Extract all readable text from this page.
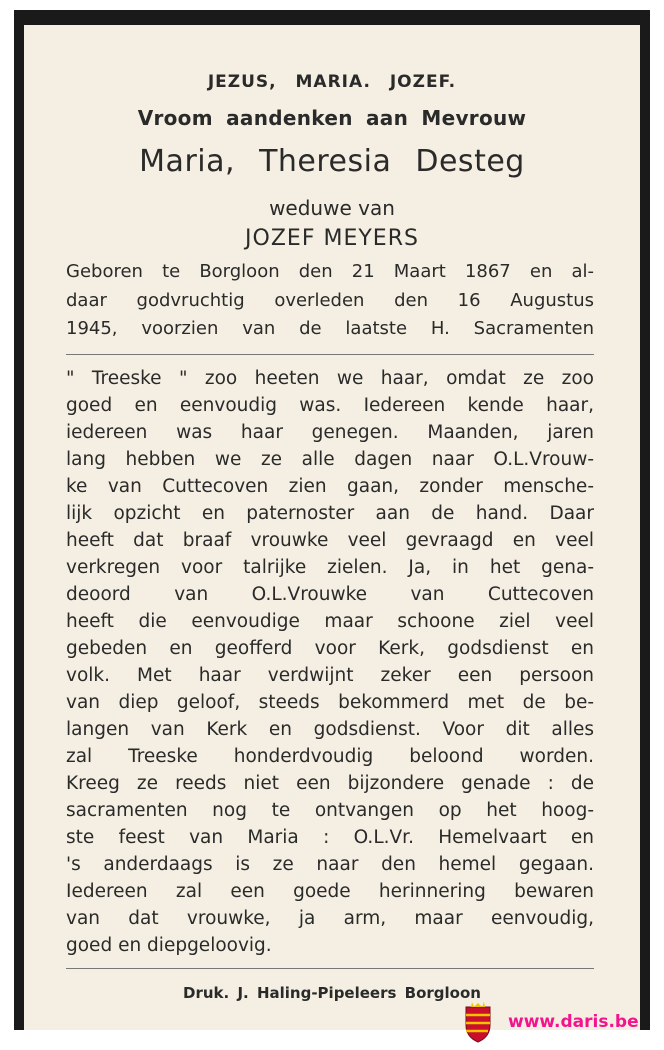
JEZUS, MARIA. JOZEF.
Vroom aandenken aan Mevrouw
Maria, Theresia Desteg
weduwe van
JOZEF MEYERS
Geboren te Borgloon den 21 Maart 1867 en al-
daar godvruchtig overleden den 16 Augustus
1945, voorzien van de laatste H. Sacramenten
" Treeske " zoo heeten we haar, omdat ze zoo
goed en eenvoudig was. Iedereen kende haar,
iedereen was haar genegen. Maanden, jaren
lang hebben we ze alle dagen naar O.L.Vrouw-
ke van Cuttecoven zien gaan, zonder mensche-
lijk opzicht en paternoster aan de hand. Daar
heeft dat braaf vrouwke veel gevraagd en veel
verkregen voor talrijke zielen. Ja, in het gena-
deoord van O.L.Vrouwke van Cuttecoven
heeft die eenvoudige maar schoone ziel veel
gebeden en geofferd voor Kerk, godsdienst en
volk. Met haar verdwijnt zeker een persoon
van diep geloof, steeds bekommerd met de be-
langen van Kerk en godsdienst. Voor dit alles
zal Treeske honderdvoudig beloond worden.
Kreeg ze reeds niet een bijzondere genade : de
sacramenten nog te ontvangen op het hoog-
ste feest van Maria : O.L.Vr. Hemelvaart en
's anderdaags is ze naar den hemel gegaan.
Iedereen zal een goede herinnering bewaren
van dat vrouwke, ja arm, maar eenvoudig,
goed en diepgeloovig.
Druk. J. Haling-Pipeleers Borgloon
www.daris.be
